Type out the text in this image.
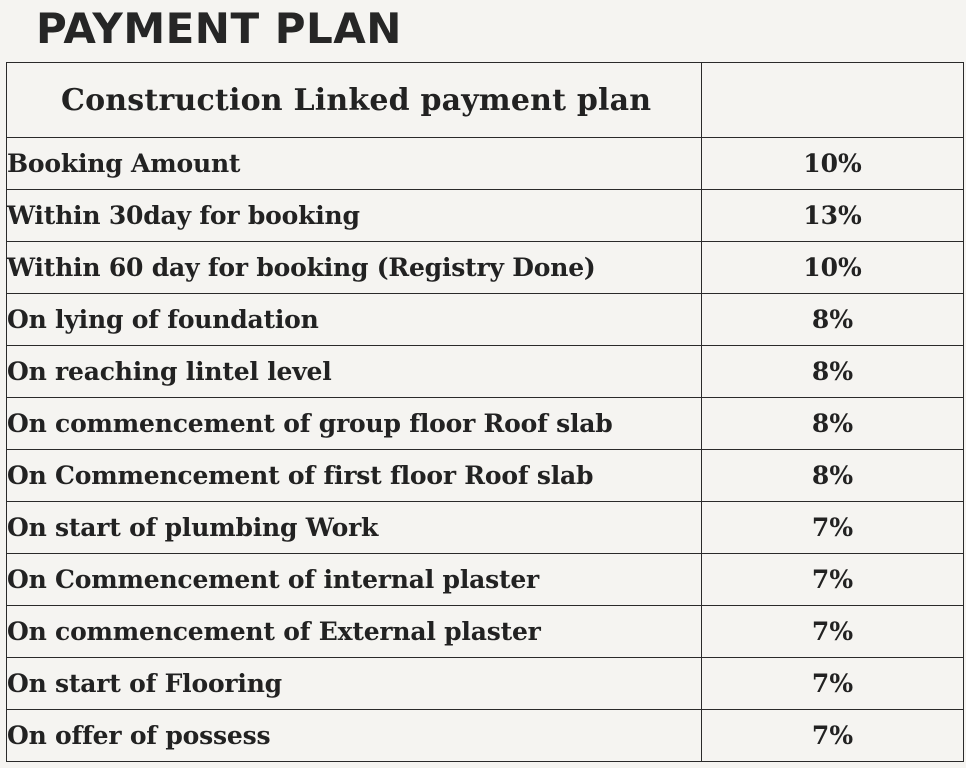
PAYMENT PLAN
Construction Linked payment plan	
Booking Amount	10%
Within 30day for booking	13%
Within 60 day for booking (Registry Done)	10%
On lying of foundation	8%
On reaching lintel level	8%
On commencement of group floor Roof slab	8%
On Commencement of first floor Roof slab	8%
On start of plumbing Work	7%
On Commencement of internal plaster	7%
On commencement of External plaster	7%
On start of Flooring	7%
On offer of possess	7%
